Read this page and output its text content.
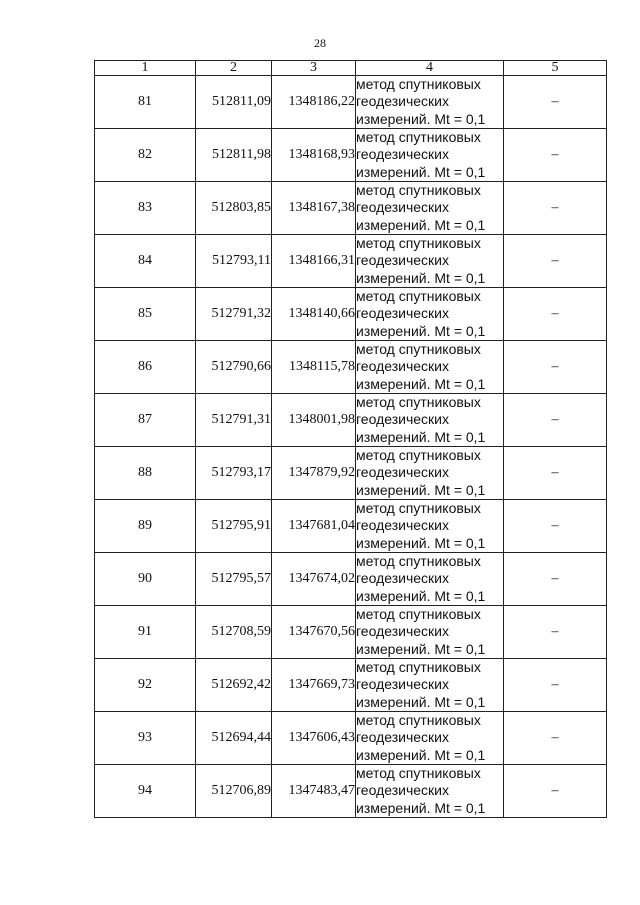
28
1	2	3	4	5
81	512811,09	1348186,22	метод спутниковых
геодезических
измерений. Mt = 0,1	–
82	512811,98	1348168,93	метод спутниковых
геодезических
измерений. Mt = 0,1	–
83	512803,85	1348167,38	метод спутниковых
геодезических
измерений. Mt = 0,1	–
84	512793,11	1348166,31	метод спутниковых
геодезических
измерений. Mt = 0,1	–
85	512791,32	1348140,66	метод спутниковых
геодезических
измерений. Mt = 0,1	–
86	512790,66	1348115,78	метод спутниковых
геодезических
измерений. Mt = 0,1	–
87	512791,31	1348001,98	метод спутниковых
геодезических
измерений. Mt = 0,1	–
88	512793,17	1347879,92	метод спутниковых
геодезических
измерений. Mt = 0,1	–
89	512795,91	1347681,04	метод спутниковых
геодезических
измерений. Mt = 0,1	–
90	512795,57	1347674,02	метод спутниковых
геодезических
измерений. Mt = 0,1	–
91	512708,59	1347670,56	метод спутниковых
геодезических
измерений. Mt = 0,1	–
92	512692,42	1347669,73	метод спутниковых
геодезических
измерений. Mt = 0,1	–
93	512694,44	1347606,43	метод спутниковых
геодезических
измерений. Mt = 0,1	–
94	512706,89	1347483,47	метод спутниковых
геодезических
измерений. Mt = 0,1	–
